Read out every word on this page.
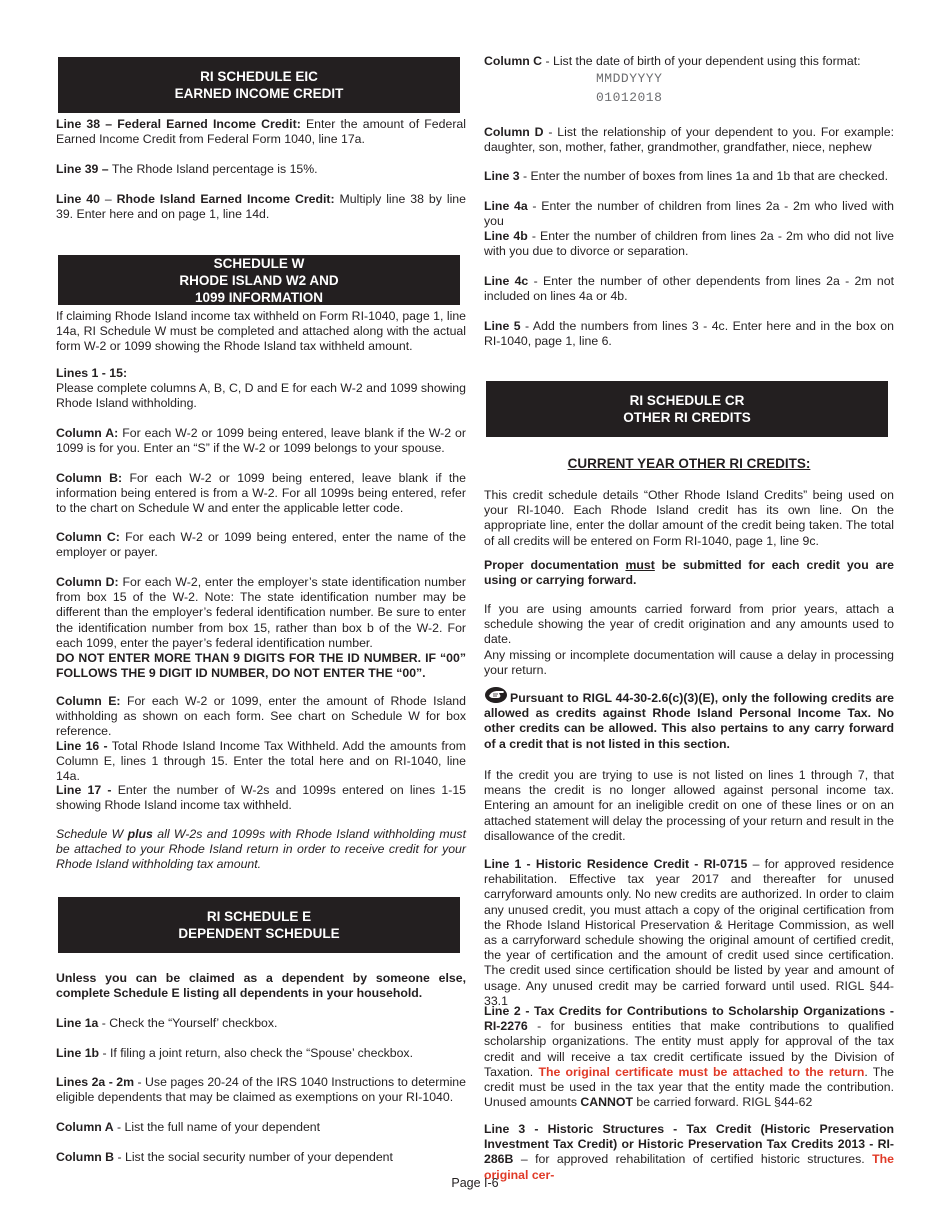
RI SCHEDULE EIC
EARNED INCOME CREDIT

Line 38 – Federal Earned Income Credit: Enter the amount of Federal Earned Income Credit from Federal Form 1040, line 17a.

Line 39 – The Rhode Island percentage is 15%.

Line 40 – Rhode Island Earned Income Credit: Multiply line 38 by line 39. Enter here and on page 1, line 14d.

SCHEDULE W
RHODE ISLAND W2 AND
1099 INFORMATION

If claiming Rhode Island income tax withheld on Form RI-1040, page 1, line 14a, RI Schedule W must be completed and attached along with the actual form W-2 or 1099 showing the Rhode Island tax withheld amount.

Lines 1 - 15:
Please complete columns A, B, C, D and E for each W-2 and 1099 showing Rhode Island withholding.

Column A: For each W-2 or 1099 being entered, leave blank if the W-2 or 1099 is for you. Enter an “S” if the W-2 or 1099 belongs to your spouse.

Column B: For each W-2 or 1099 being entered, leave blank if the information being entered is from a W-2. For all 1099s being entered, refer to the chart on Schedule W and enter the applicable letter code.

Column C: For each W-2 or 1099 being entered, enter the name of the employer or payer.

Column D: For each W-2, enter the employer’s state identification number from box 15 of the W-2. Note: The state identification number may be different than the employer’s federal identification number. Be sure to enter the identification number from box 15, rather than box b of the W-2. For each 1099, enter the payer’s federal identification number.
DO NOT ENTER MORE THAN 9 DIGITS FOR THE ID NUMBER. IF “00” FOLLOWS THE 9 DIGIT ID NUMBER, DO NOT ENTER THE “00”.

Column E: For each W-2 or 1099, enter the amount of Rhode Island withholding as shown on each form. See chart on Schedule W for box reference.

Line 16 - Total Rhode Island Income Tax Withheld. Add the amounts from Column E, lines 1 through 15. Enter the total here and on RI-1040, line 14a.

Line 17 - Enter the number of W-2s and 1099s entered on lines 1-15 showing Rhode Island income tax withheld.

Schedule W plus all W-2s and 1099s with Rhode Island withholding must be attached to your Rhode Island return in order to receive credit for your Rhode Island withholding tax amount.

RI SCHEDULE E
DEPENDENT SCHEDULE

Unless you can be claimed as a dependent by someone else, complete Schedule E listing all dependents in your household.

Line 1a - Check the “Yourself’ checkbox.

Line 1b - If filing a joint return, also check the “Spouse’ checkbox.

Lines 2a - 2m - Use pages 20-24 of the IRS 1040 Instructions to determine eligible dependents that may be claimed as exemptions on your RI-1040.

Column A - List the full name of your dependent

Column B - List the social security number of your dependent

Column C - List the date of birth of your dependent using this format:

MMDDYYYY
01012018

Column D - List the relationship of your dependent to you. For example: daughter, son, mother, father, grandmother, grandfather, niece, nephew

Line 3 - Enter the number of boxes from lines 1a and 1b that are checked.

Line 4a - Enter the number of children from lines 2a - 2m who lived with you

Line 4b - Enter the number of children from lines 2a - 2m who did not live with you due to divorce or separation.

Line 4c - Enter the number of other dependents from lines 2a - 2m not included on lines 4a or 4b.

Line 5 - Add the numbers from lines 3 - 4c. Enter here and in the box on RI-1040, page 1, line 6.

RI SCHEDULE CR
OTHER RI CREDITS
CURRENT YEAR OTHER RI CREDITS:

This credit schedule details “Other Rhode Island Credits” being used on your RI-1040. Each Rhode Island credit has its own line. On the appropriate line, enter the dollar amount of the credit being taken. The total of all credits will be entered on Form RI-1040, page 1, line 9c.

Proper documentation must be submitted for each credit you are using or carrying forward.

If you are using amounts carried forward from prior years, attach a schedule showing the year of credit origination and any amounts used to date.

Any missing or incomplete documentation will cause a delay in processing your return.

Pursuant to RIGL 44-30-2.6(c)(3)(E), only the following credits are allowed as credits against Rhode Island Personal Income Tax. No other credits can be allowed. This also pertains to any carry forward of a credit that is not listed in this section.

If the credit you are trying to use is not listed on lines 1 through 7, that means the credit is no longer allowed against personal income tax. Entering an amount for an ineligible credit on one of these lines or on an attached statement will delay the processing of your return and result in the disallowance of the credit.

Line 1 - Historic Residence Credit - RI-0715 – for approved residence rehabilitation. Effective tax year 2017 and thereafter for unused carryforward amounts only. No new credits are authorized. In order to claim any unused credit, you must attach a copy of the original certification from the Rhode Island Historical Preservation & Heritage Commission, as well as a carryforward schedule showing the original amount of certified credit, the year of certification and the amount of credit used since certification. The credit used since certification should be listed by year and amount of usage. Any unused credit may be carried forward until used. RIGL §44-33.1

Line 2 - Tax Credits for Contributions to Scholarship Organizations - RI-2276 - for business entities that make contributions to qualified scholarship organizations. The entity must apply for approval of the tax credit and will receive a tax credit certificate issued by the Division of Taxation. The original certificate must be attached to the return. The credit must be used in the tax year that the entity made the contribution. Unused amounts CANNOT be carried forward. RIGL §44-62

Line 3 - Historic Structures - Tax Credit (Historic Preservation Investment Tax Credit) or Historic Preservation Tax Credits 2013 - RI-286B – for approved rehabilitation of certified historic structures. The original cer-

Page I-6
